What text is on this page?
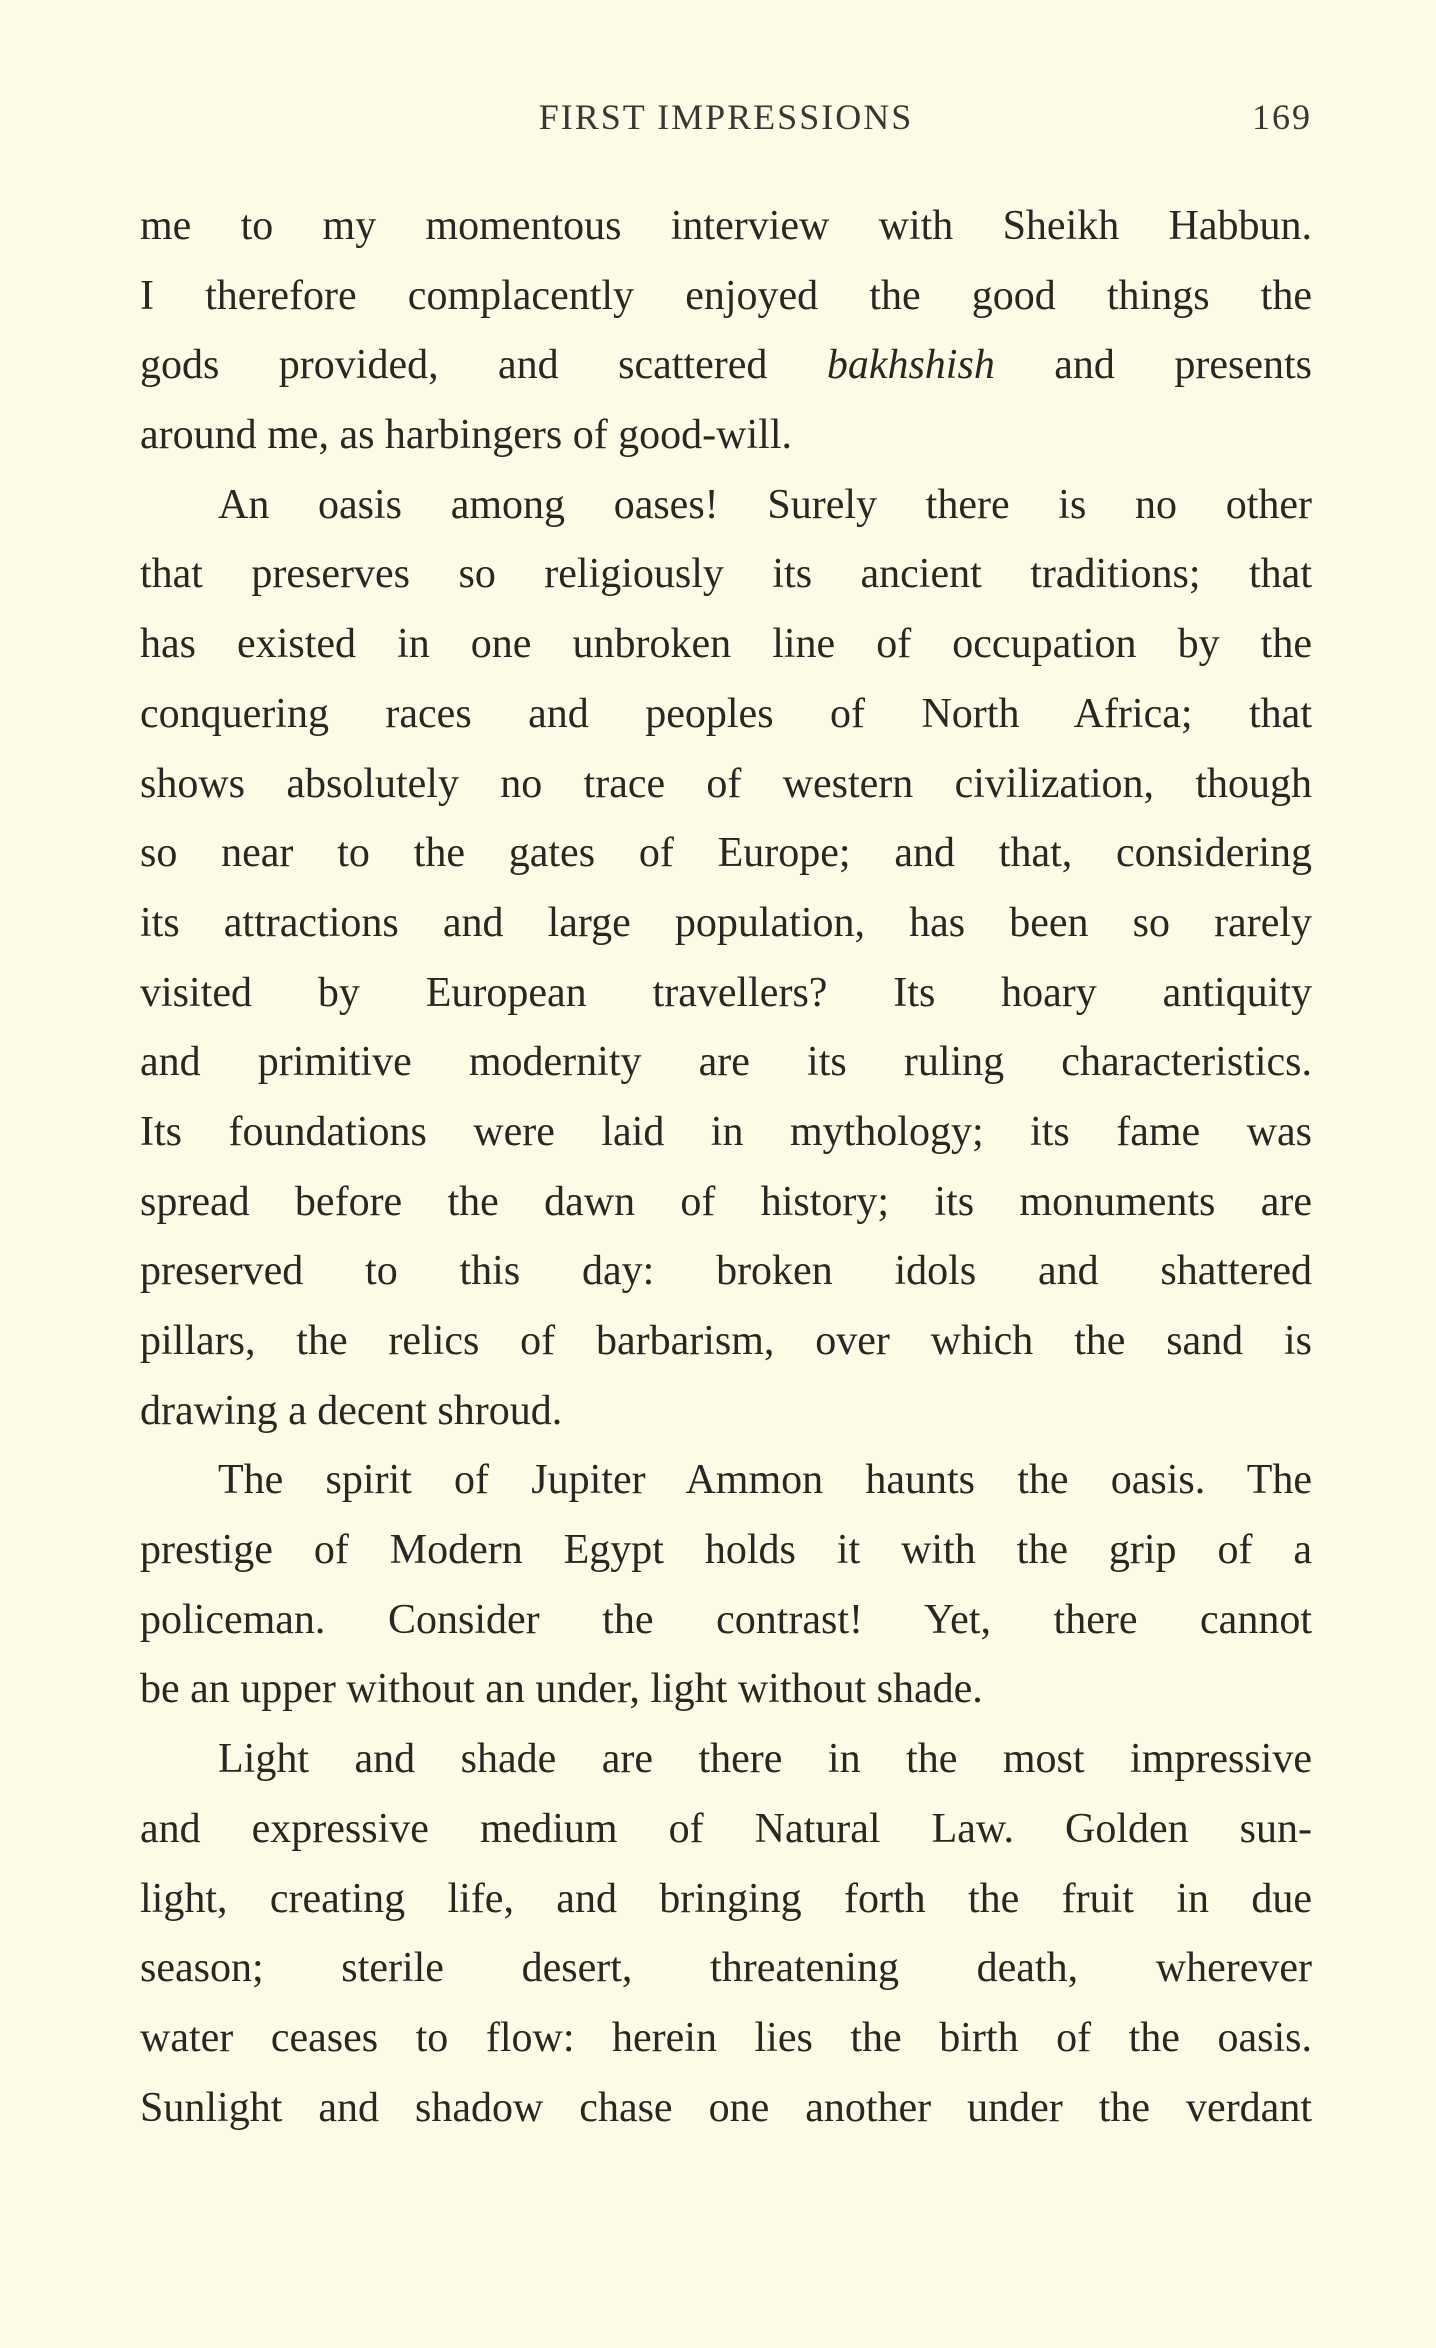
FIRST IMPRESSIONS	169
me to my momentous interview with Sheikh Habbun.
I therefore complacently enjoyed the good things the
gods provided, and scattered bakhshish and presents
around me, as harbingers of good-will.
An oasis among oases! Surely there is no other
that preserves so religiously its ancient traditions; that
has existed in one unbroken line of occupation by the
conquering races and peoples of North Africa; that
shows absolutely no trace of western civilization, though
so near to the gates of Europe; and that, considering
its attractions and large population, has been so rarely
visited by European travellers? Its hoary antiquity
and primitive modernity are its ruling characteristics.
Its foundations were laid in mythology; its fame was
spread before the dawn of history; its monuments are
preserved to this day: broken idols and shattered
pillars, the relics of barbarism, over which the sand is
drawing a decent shroud.
The spirit of Jupiter Ammon haunts the oasis. The
prestige of Modern Egypt holds it with the grip of a
policeman. Consider the contrast! Yet, there cannot
be an upper without an under, light without shade.
Light and shade are there in the most impressive
and expressive medium of Natural Law. Golden sun-
light, creating life, and bringing forth the fruit in due
season; sterile desert, threatening death, wherever
water ceases to flow: herein lies the birth of the oasis.
Sunlight and shadow chase one another under the verdant
